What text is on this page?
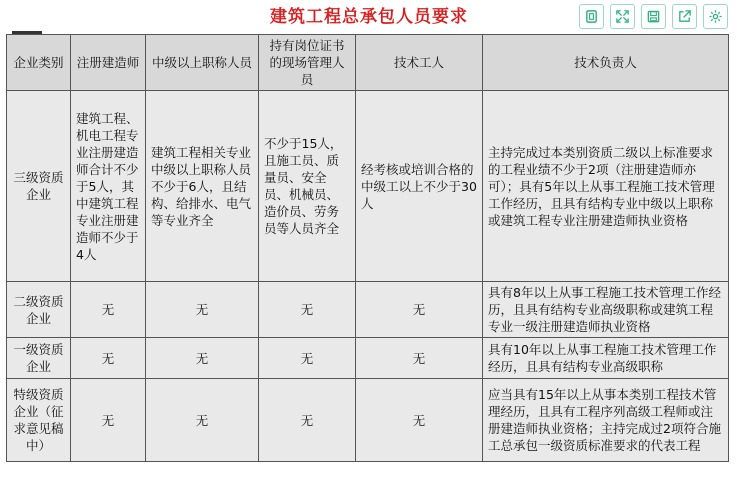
建筑工程总承包人员要求
企业类别	注册建造师	中级以上职称人员	持有岗位证书的现场管理人员	技术工人	技术负责人
三级资质企业	建筑工程、机电工程专业注册建造师合计不少于5人，其中建筑工程专业注册建造师不少于4人	建筑工程相关专业中级以上职称人员不少于6人，且结构、给排水、电气等专业齐全	不少于15人，且施工员、质量员、安全员、机械员、造价员、劳务员等人员齐全	经考核或培训合格的中级工以上不少于30人	主持完成过本类别资质二级以上标准要求的工程业绩不少于2项（注册建造师亦可）；具有5年以上从事工程施工技术管理工作经历，且具有结构专业中级以上职称或建筑工程专业注册建造师执业资格
二级资质企业	无	无	无	无	具有8年以上从事工程施工技术管理工作经历，且具有结构专业高级职称或建筑工程专业一级注册建造师执业资格
一级资质企业	无	无	无	无	具有10年以上从事工程施工技术管理工作经历，且具有结构专业高级职称
特级资质企业（征求意见稿中）	无	无	无	无	应当具有15年以上从事本类别工程技术管理经历，且具有工程序列高级工程师或注册建造师执业资格；主持完成过2项符合施工总承包一级资质标准要求的代表工程
